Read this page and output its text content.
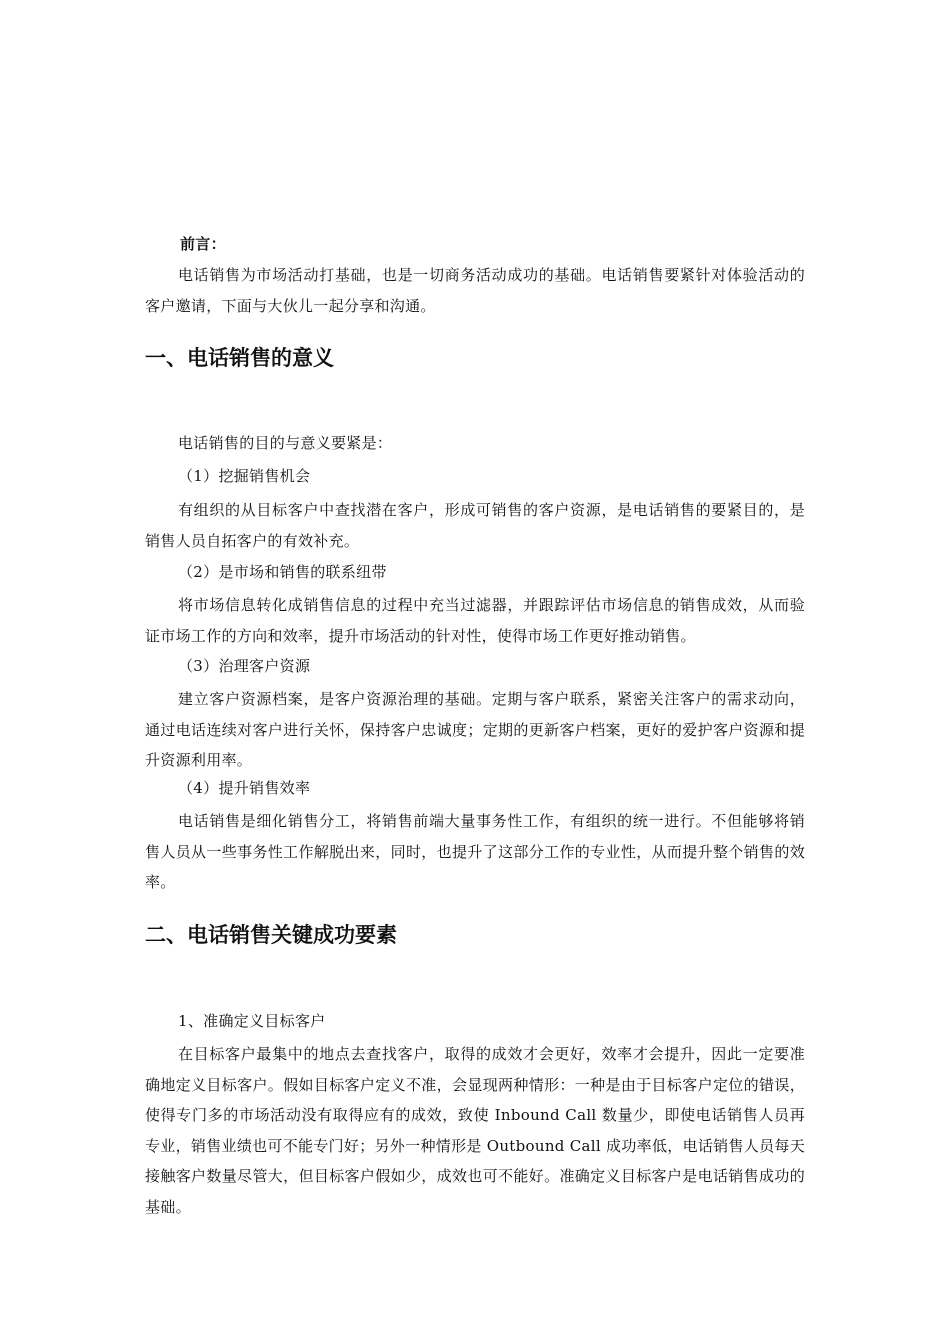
前言：

电话销售为市场活动打基础，也是一切商务活动成功的基础。电话销售要紧针对体验活动的客户邀请，下面与大伙儿一起分享和沟通。

一、电话销售的意义

电话销售的目的与意义要紧是：

（1）挖掘销售机会

有组织的从目标客户中查找潜在客户，形成可销售的客户资源，是电话销售的要紧目的，是销售人员自拓客户的有效补充。

（2）是市场和销售的联系纽带

将市场信息转化成销售信息的过程中充当过滤器，并跟踪评估市场信息的销售成效，从而验证市场工作的方向和效率，提升市场活动的针对性，使得市场工作更好推动销售。

（3）治理客户资源

建立客户资源档案，是客户资源治理的基础。定期与客户联系，紧密关注客户的需求动向，通过电话连续对客户进行关怀，保持客户忠诚度；定期的更新客户档案，更好的爱护客户资源和提升资源利用率。

（4）提升销售效率

电话销售是细化销售分工，将销售前端大量事务性工作，有组织的统一进行。不但能够将销售人员从一些事务性工作解脱出来，同时，也提升了这部分工作的专业性，从而提升整个销售的效率。

二、电话销售关键成功要素

1、准确定义目标客户

在目标客户最集中的地点去查找客户，取得的成效才会更好，效率才会提升，因此一定要准确地定义目标客户。假如目标客户定义不准，会显现两种情形：一种是由于目标客户定位的错误，使得专门多的市场活动没有取得应有的成效，致使 Inbound Call 数量少，即使电话销售人员再专业，销售业绩也可不能专门好；另外一种情形是 Outbound Call 成功率低，电话销售人员每天接触客户数量尽管大，但目标客户假如少，成效也可不能好。准确定义目标客户是电话销售成功的基础。
